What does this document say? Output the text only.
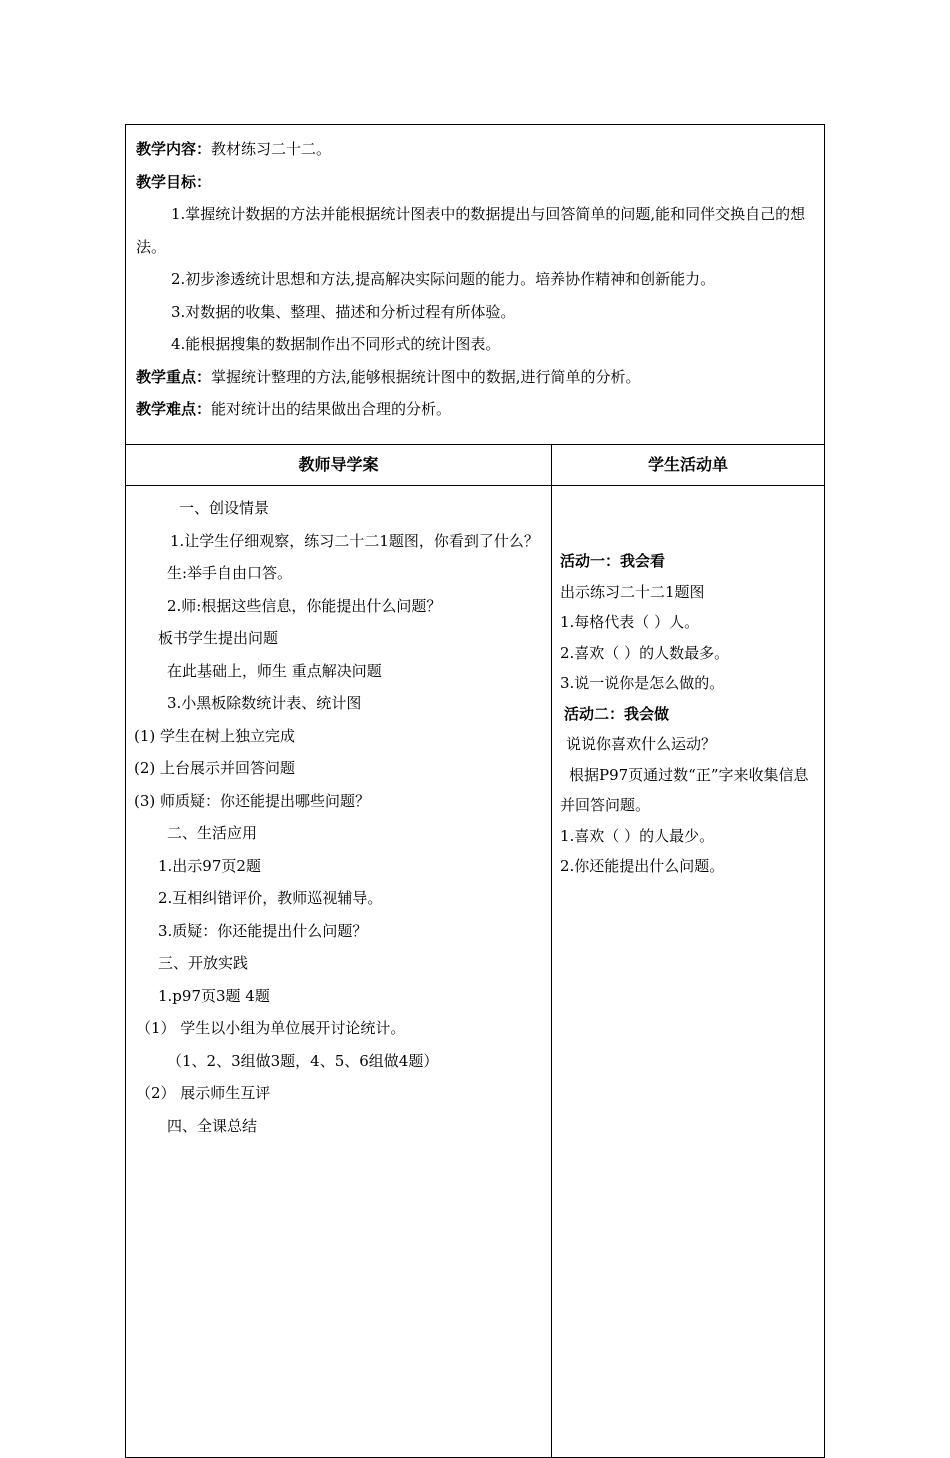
教学内容：教材练习二十二。
教学目标：
1.掌握统计数据的方法并能根据统计图表中的数据提出与回答简单的问题,能和同伴交换自己的想法。
2.初步渗透统计思想和方法,提高解决实际问题的能力。培养协作精神和创新能力。
3.对数据的收集、整理、描述和分析过程有所体验。
4.能根据搜集的数据制作出不同形式的统计图表。
教学重点：掌握统计整理的方法,能够根据统计图中的数据,进行简单的分析。
教学难点：能对统计出的结果做出合理的分析。
教师导学案
一、创设情景
1.让学生仔细观察，练习二十二1题图，你看到了什么？
生:举手自由口答。
2.师:根据这些信息，你能提出什么问题？
板书学生提出问题
在此基础上，师生 重点解决问题
3.小黑板除数统计表、统计图
(1) 学生在树上独立完成
(2) 上台展示并回答问题
(3) 师质疑：你还能提出哪些问题？
二、生活应用
1.出示97页2题
2.互相纠错评价，教师巡视辅导。
3.质疑：你还能提出什么问题？
三、开放实践
1.p97页3题 4题
（1） 学生以小组为单位展开讨论统计。
（1、2、3组做3题，4、5、6组做4题）
（2） 展示师生互评
四、全课总结
学生活动单
活动一：我会看
出示练习二十二1题图
1.每格代表（ ）人。
2.喜欢（ ）的人数最多。
3.说一说你是怎么做的。
活动二：我会做
说说你喜欢什么运动？
根据P97页通过数“正”字来收集信息并回答问题。
1.喜欢（ ）的人最少。
2.你还能提出什么问题。
